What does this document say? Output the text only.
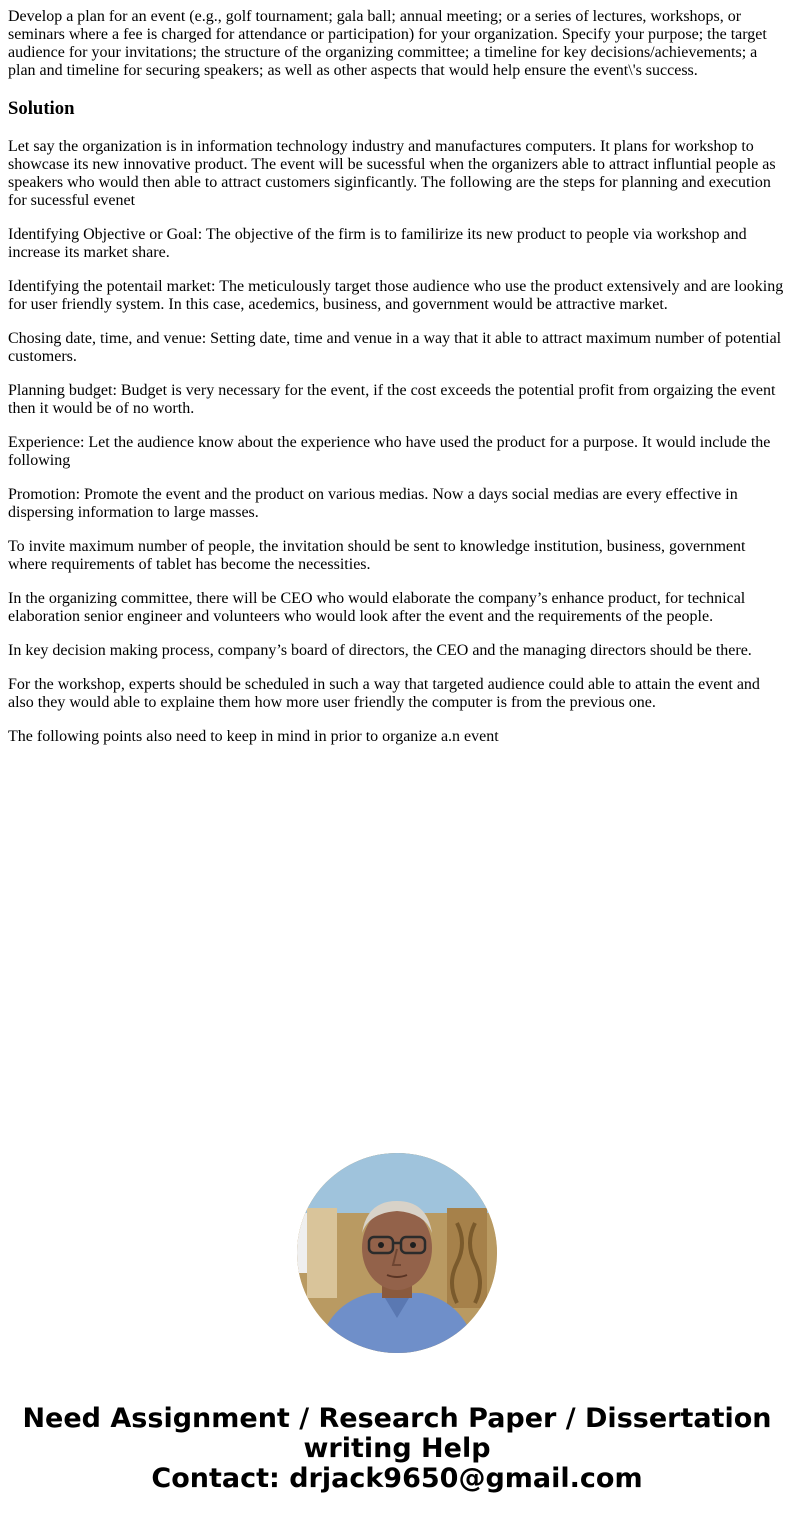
Develop a plan for an event (e.g., golf tournament; gala ball; annual meeting; or a series of lectures, workshops, or seminars where a fee is charged for attendance or participation) for your organization. Specify your purpose; the target audience for your invitations; the structure of the organizing committee; a timeline for key decisions/achievements; a plan and timeline for securing speakers; as well as other aspects that would help ensure the event\'s success.

Solution

Let say the organization is in information technology industry and manufactures computers. It plans for workshop to showcase its new innovative product. The event will be sucessful when the organizers able to attract influntial people as speakers who would then able to attract customers siginficantly. The following are the steps for planning and execution for sucessful evenet

Identifying Objective or Goal: The objective of the firm is to familirize its new product to people via workshop and increase its market share.

Identifying the potentail market: The meticulously target those audience who use the product extensively and are looking for user friendly system. In this case, acedemics, business, and government would be attractive market.

Chosing date, time, and venue: Setting date, time and venue in a way that it able to attract maximum number of potential customers.

Planning budget: Budget is very necessary for the event, if the cost exceeds the potential profit from orgaizing the event then it would be of no worth.

Experience: Let the audience know about the experience who have used the product for a purpose. It would include the following

Promotion: Promote the event and the product on various medias. Now a days social medias are every effective in dispersing information to large masses.

To invite maximum number of people, the invitation should be sent to knowledge institution, business, government where requirements of tablet has become the necessities.

In the organizing committee, there will be CEO who would elaborate the company’s enhance product, for technical elaboration senior engineer and volunteers who would look after the event and the requirements of the people.

In key decision making process, company’s board of directors, the CEO and the managing directors should be there.

For the workshop, experts should be scheduled in such a way that targeted audience could able to attain the event and also they would able to explaine them how more user friendly the computer is from the previous one.

The following points also need to keep in mind in prior to organize a.n event

Need Assignment / Research Paper / Dissertation
writing Help
Contact: drjack9650@gmail.com
